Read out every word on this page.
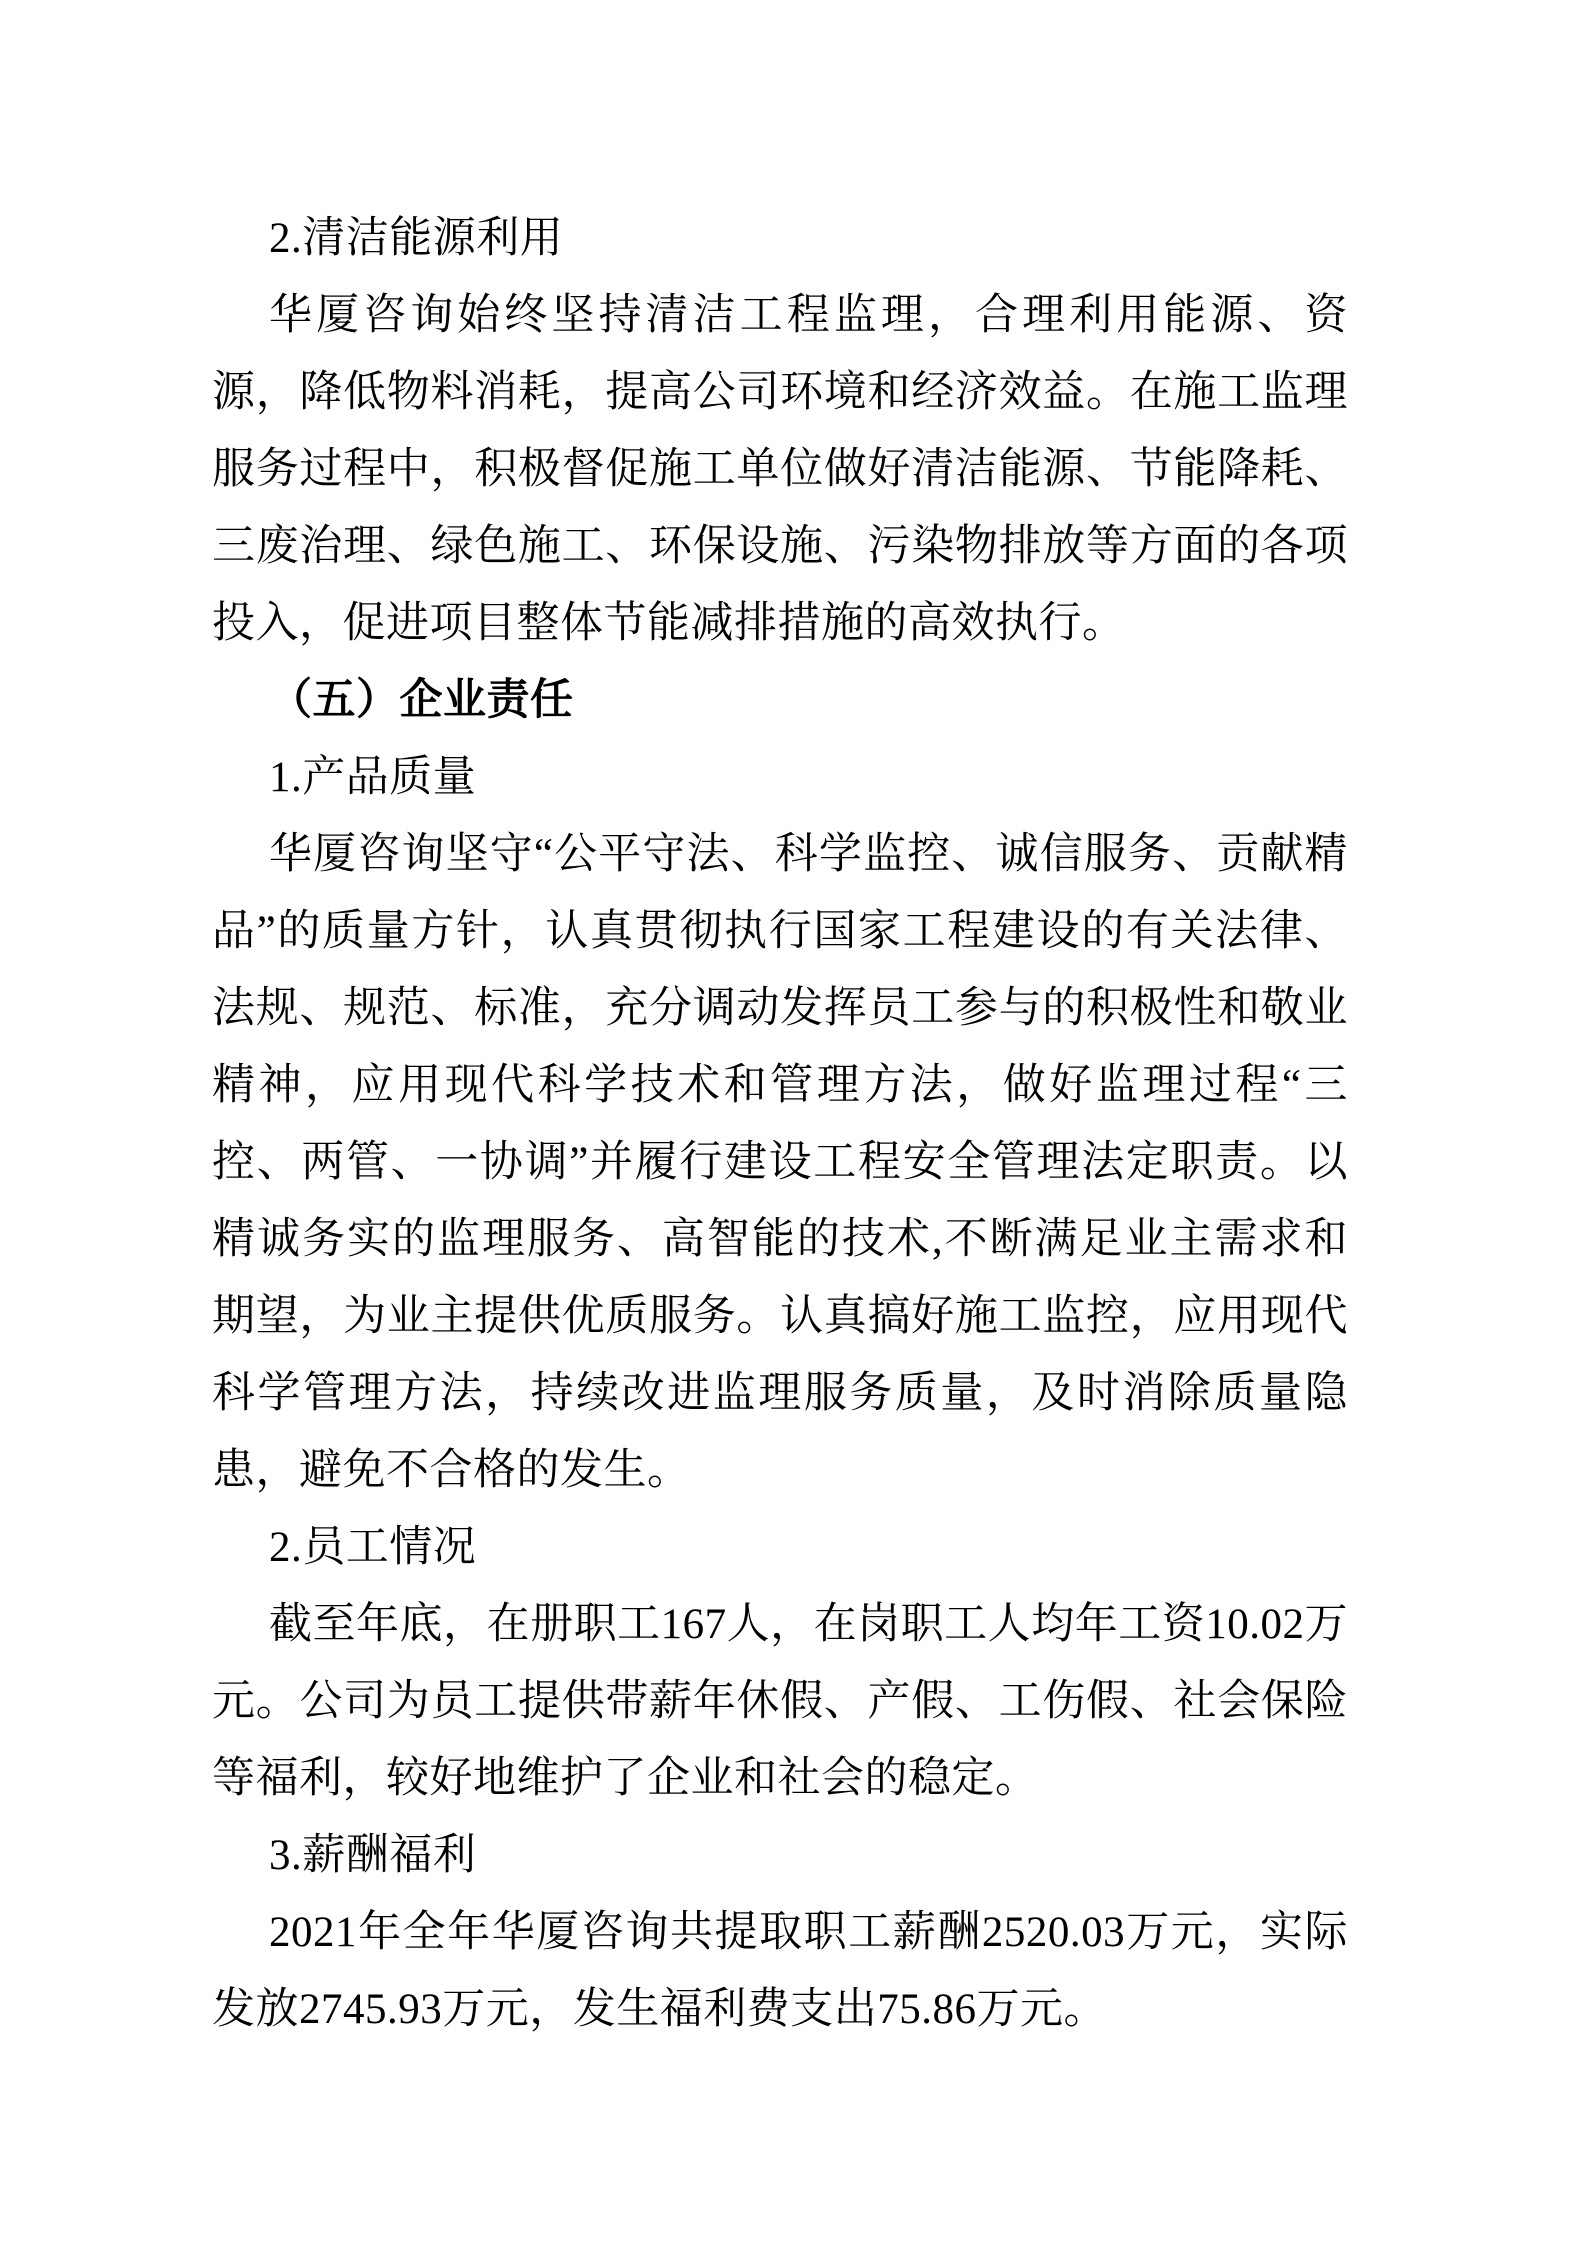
2.清洁能源利用

华厦咨询始终坚持清洁工程监理，合理利用能源、资源，降低物料消耗，提高公司环境和经济效益。在施工监理服务过程中，积极督促施工单位做好清洁能源、节能降耗、三废治理、绿色施工、环保设施、污染物排放等方面的各项投入，促进项目整体节能减排措施的高效执行。

（五）企业责任

1.产品质量

华厦咨询坚守“公平守法、科学监控、诚信服务、贡献精品”的质量方针，认真贯彻执行国家工程建设的有关法律、法规、规范、标准，充分调动发挥员工参与的积极性和敬业精神，应用现代科学技术和管理方法，做好监理过程“三控、两管、一协调”并履行建设工程安全管理法定职责。以精诚务实的监理服务、高智能的技术,不断满足业主需求和期望，为业主提供优质服务。认真搞好施工监控，应用现代科学管理方法，持续改进监理服务质量，及时消除质量隐患，避免不合格的发生。

2.员工情况

截至年底，在册职工167人，在岗职工人均年工资10.02万元。公司为员工提供带薪年休假、产假、工伤假、社会保险等福利，较好地维护了企业和社会的稳定。

3.薪酬福利

2021年全年华厦咨询共提取职工薪酬2520.03万元，实际发放2745.93万元，发生福利费支出75.86万元。
